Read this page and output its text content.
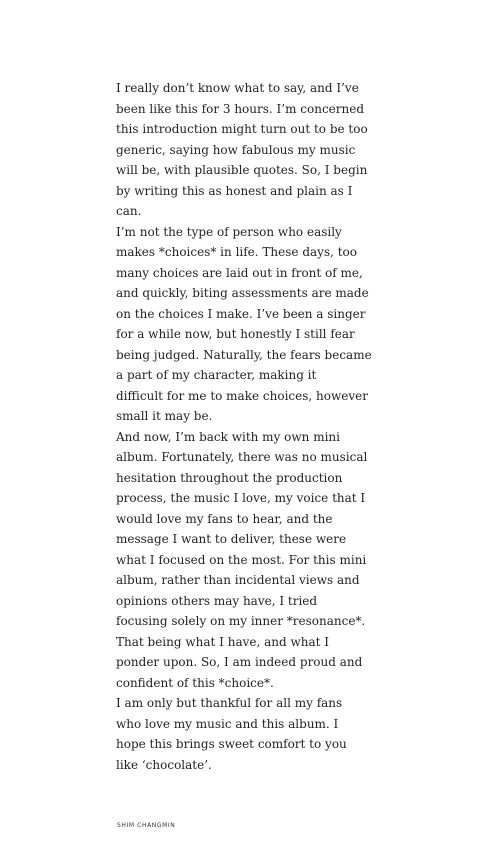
I really don’t know what to say, and I’ve
been like this for 3 hours. I’m concerned
this introduction might turn out to be too
generic, saying how fabulous my music
will be, with plausible quotes. So, I begin
by writing this as honest and plain as I
can.
I’m not the type of person who easily
makes *choices* in life. These days, too
many choices are laid out in front of me,
and quickly, biting assessments are made
on the choices I make. I’ve been a singer
for a while now, but honestly I still fear
being judged. Naturally, the fears became
a part of my character, making it
difficult for me to make choices, however
small it may be.
And now, I’m back with my own mini
album. Fortunately, there was no musical
hesitation throughout the production
process, the music I love, my voice that I
would love my fans to hear, and the
message I want to deliver, these were
what I focused on the most. For this mini
album, rather than incidental views and
opinions others may have, I tried
focusing solely on my inner *resonance*.
That being what I have, and what I
ponder upon. So, I am indeed proud and
confident of this *choice*.
I am only but thankful for all my fans
who love my music and this album. I
hope this brings sweet comfort to you
like ‘chocolate’.
SHIM CHANGMIN
